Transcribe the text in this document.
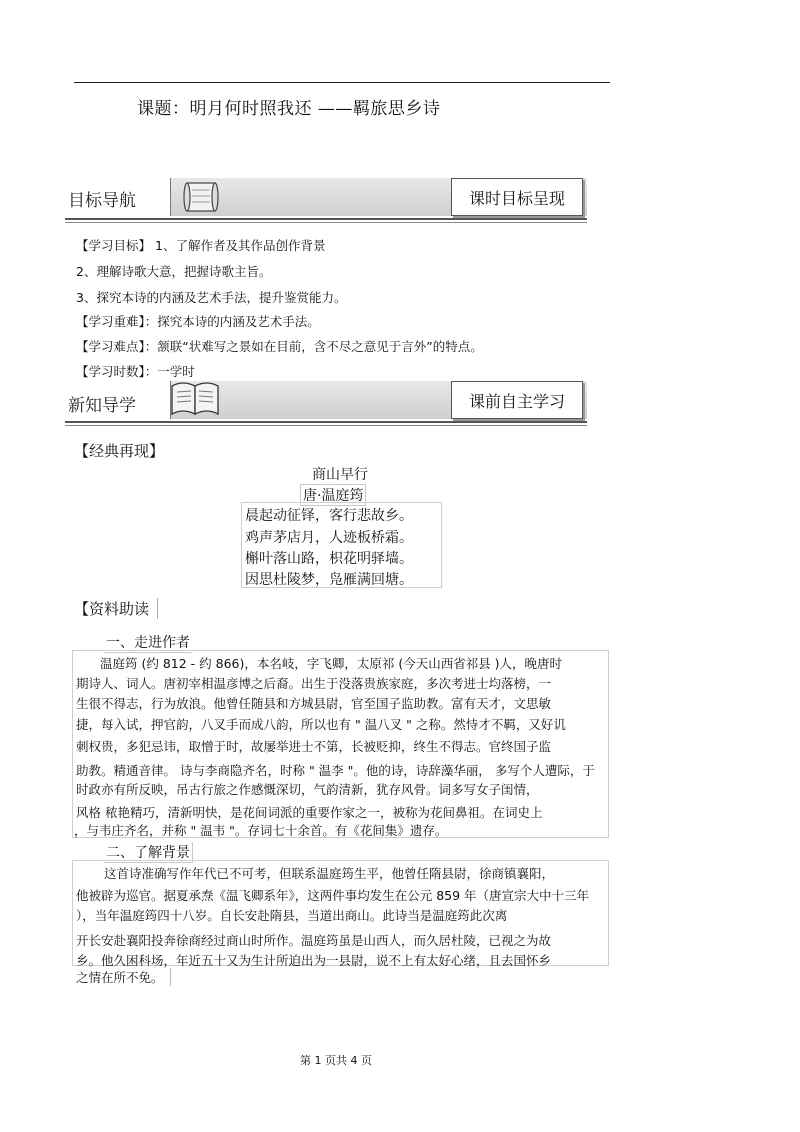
课题：明月何时照我还 ——羁旅思乡诗
目标导航	课时目标呈现
【学习目标】 1、了解作者及其作品创作背景
2、理解诗歌大意，把握诗歌主旨。
3、探究本诗的内涵及艺术手法，提升鉴赏能力。
【学习重难】：探究本诗的内涵及艺术手法。
【学习难点】：颔联“状难写之景如在目前，含不尽之意见于言外”的特点。
【学习时数】：一学时
新知导学	课前自主学习
【经典再现】
商山早行
唐·温庭筠
晨起动征铎，客行悲故乡。
鸡声茅店月，人迹板桥霜。
槲叶落山路，枳花明驿墙。
因思杜陵梦，凫雁满回塘。
【资料助读
一、走进作者
温庭筠 (约 812 - 约 866)，本名岐，字飞卿，太原祁 (今天山西省祁县 )人，晚唐时
期诗人、词人。唐初宰相温彦博之后裔。出生于没落贵族家庭，多次考进士均落榜，一
生很不得志，行为放浪。他曾任随县和方城县尉，官至国子监助教。富有天才，文思敏
捷，每入试，押官韵，八叉手而成八韵，所以也有 " 温八叉 " 之称。然恃才不羁，又好讥
刺权贵，多犯忌讳，取憎于时，故屡举进士不第，长被贬抑，终生不得志。官终国子监
助教。精通音律。 诗与李商隐齐名，时称 " 温李 "。他的诗，诗辞藻华丽， 多写个人遭际，于
时政亦有所反映，吊古行旅之作感慨深切，气韵清新，犹存风骨。词多写女子闺情，
风格 秾艳精巧，清新明快，是花间词派的重要作家之一，被称为花间鼻祖。在词史上
，与韦庄齐名，并称 " 温韦 "。存词七十余首。有《花间集》遗存。
二、了解背景
这首诗准确写作年代已不可考，但联系温庭筠生平，他曾任隋县尉，徐商镇襄阳，
他被辟为巡官。据夏承焘《温飞卿系年》，这两件事均发生在公元 859 年（唐宣宗大中十三年
），当年温庭筠四十八岁。自长安赴隋县，当道出商山。此诗当是温庭筠此次离
开长安赴襄阳投奔徐商经过商山时所作。温庭筠虽是山西人，而久居杜陵，已视之为故
乡。他久困科场，年近五十又为生计所迫出为一县尉，说不上有太好心绪，且去国怀乡
之情在所不免。
第 1 页共 4 页
